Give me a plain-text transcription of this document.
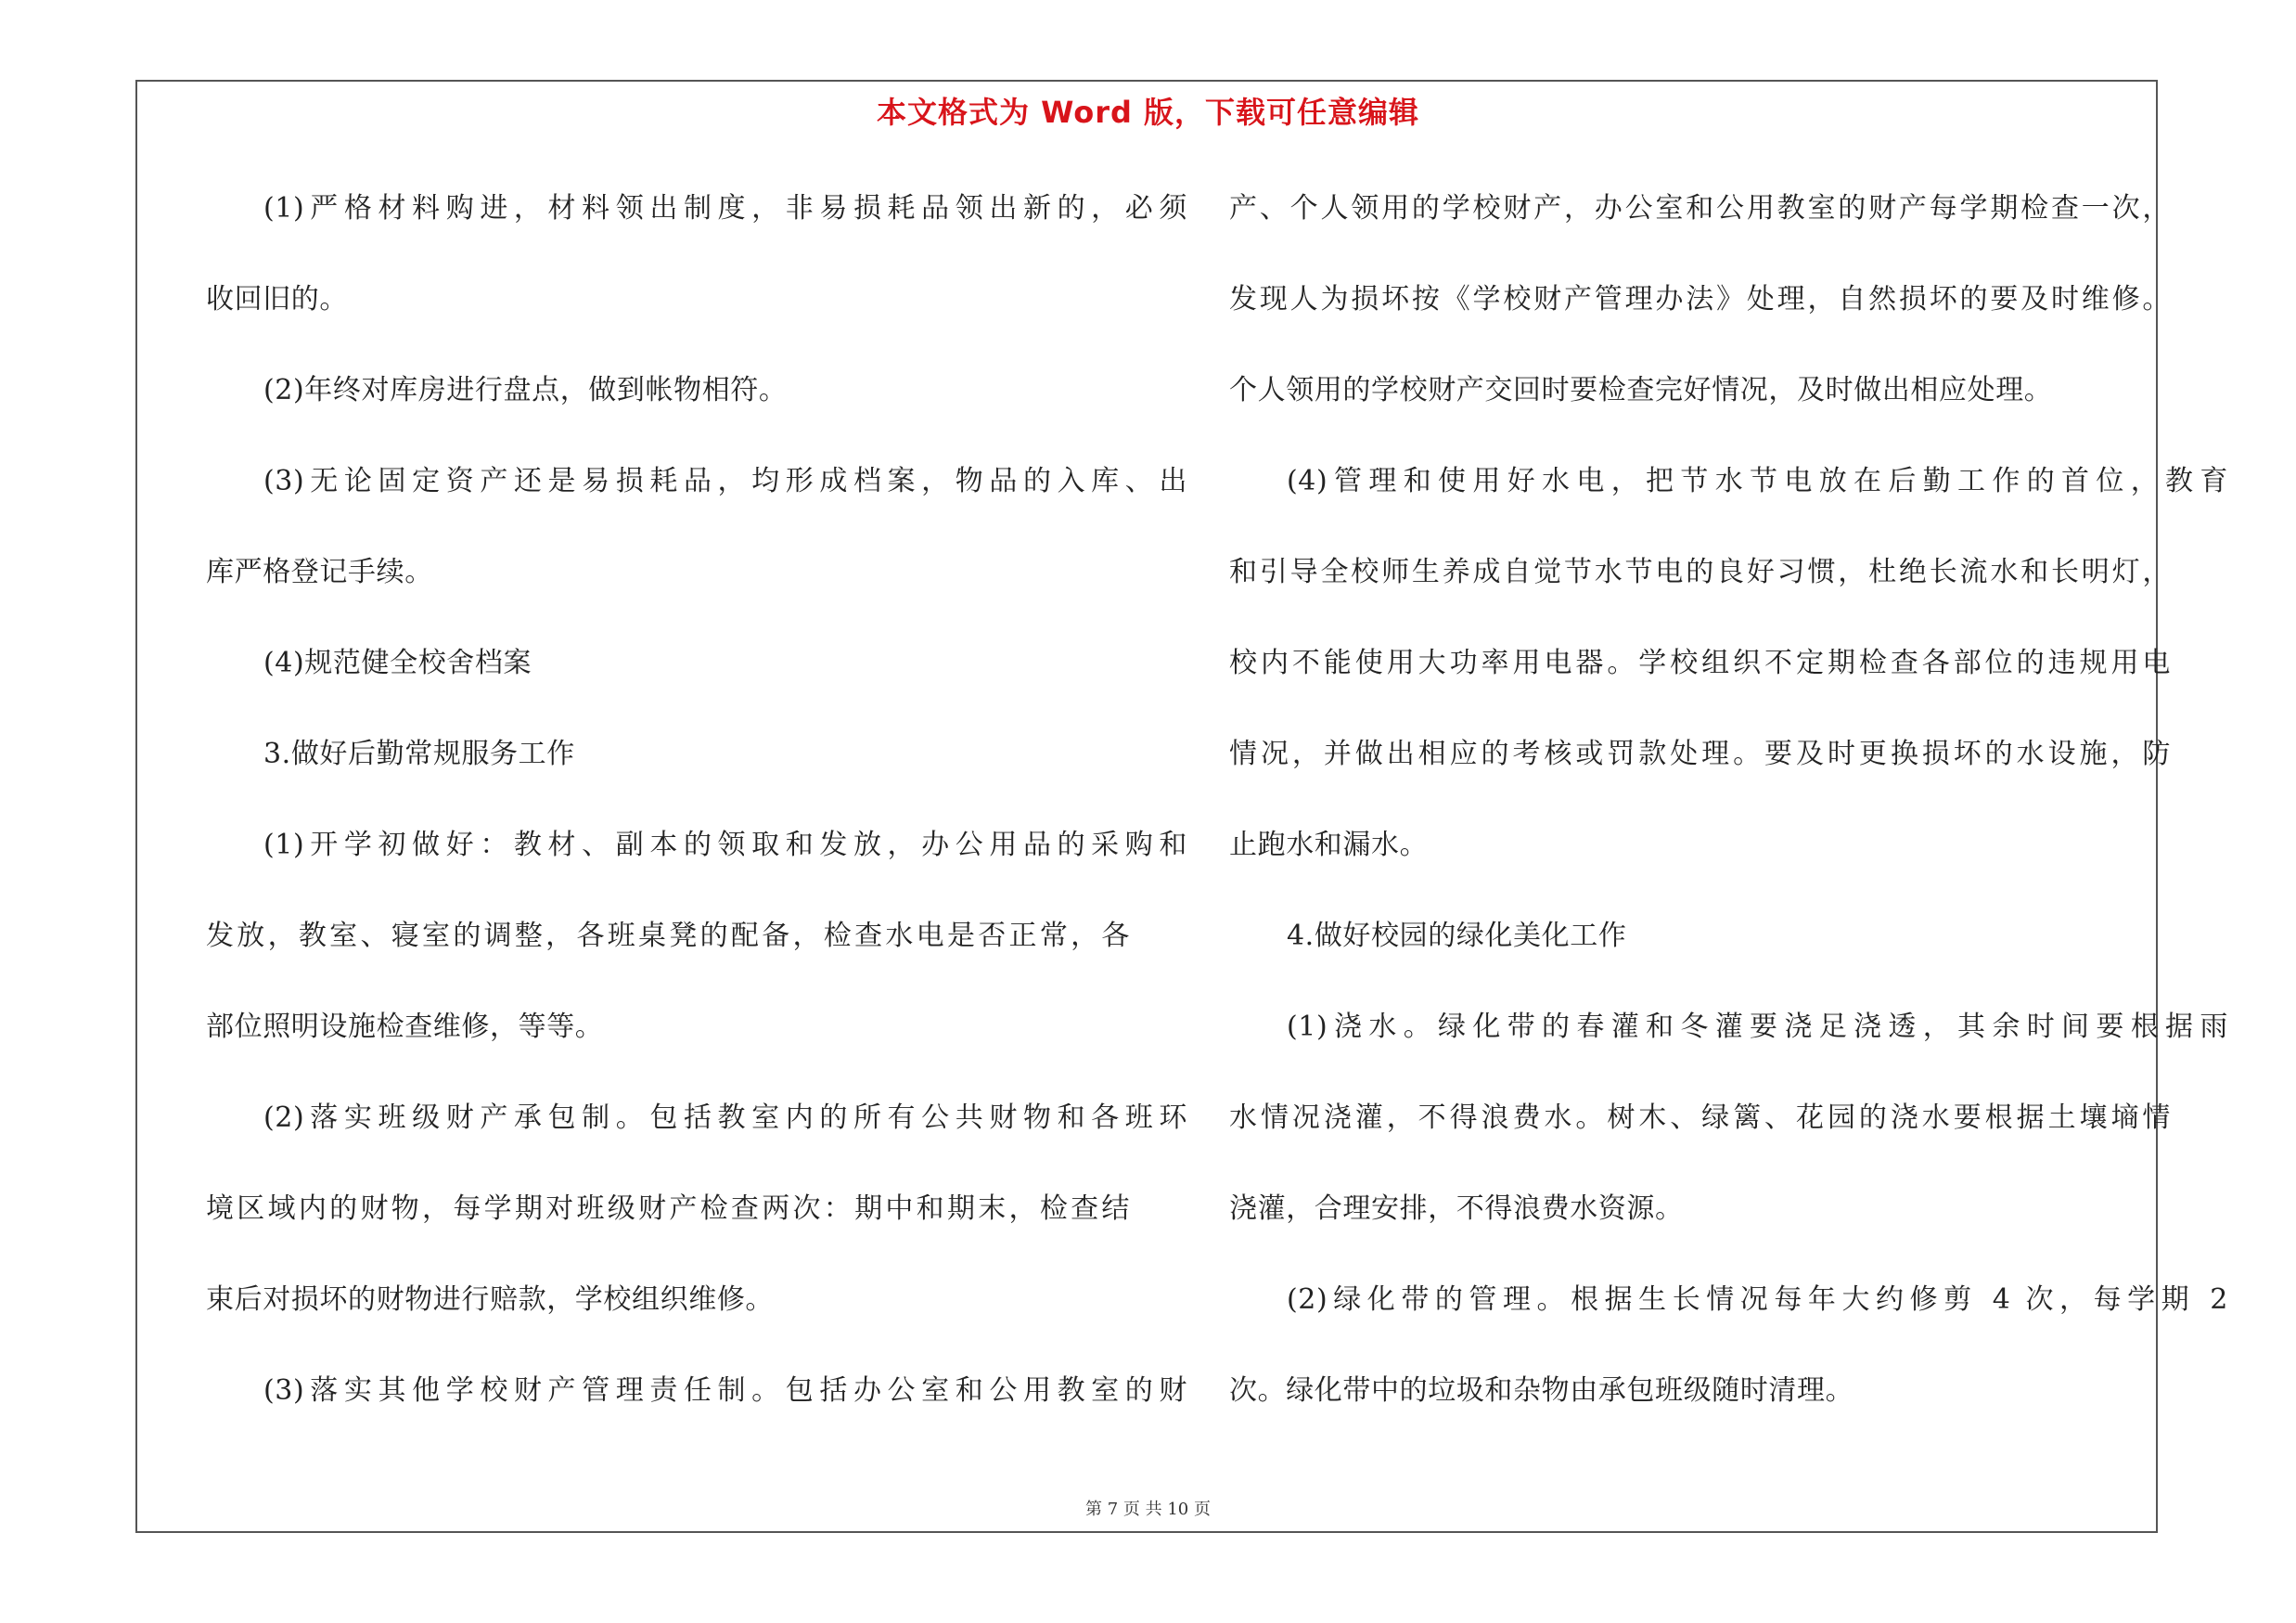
本文格式为 Word 版，下载可任意编辑
(1)严格材料购进，材料领出制度，非易损耗品领出新的，必须
收回旧的。
(2)年终对库房进行盘点，做到帐物相符。
(3)无论固定资产还是易损耗品，均形成档案，物品的入库、出
库严格登记手续。
(4)规范健全校舍档案
3.做好后勤常规服务工作
(1)开学初做好：教材、副本的领取和发放，办公用品的采购和
发放，教室、寝室的调整，各班桌凳的配备，检查水电是否正常，各
部位照明设施检查维修，等等。
(2)落实班级财产承包制。包括教室内的所有公共财物和各班环
境区域内的财物，每学期对班级财产检查两次：期中和期末，检查结
束后对损坏的财物进行赔款，学校组织维修。
(3)落实其他学校财产管理责任制。包括办公室和公用教室的财
产、个人领用的学校财产，办公室和公用教室的财产每学期检查一次，
发现人为损坏按《学校财产管理办法》处理，自然损坏的要及时维修。
个人领用的学校财产交回时要检查完好情况，及时做出相应处理。
(4)管理和使用好水电，把节水节电放在后勤工作的首位，教育
和引导全校师生养成自觉节水节电的良好习惯，杜绝长流水和长明灯，
校内不能使用大功率用电器。学校组织不定期检查各部位的违规用电
情况，并做出相应的考核或罚款处理。要及时更换损坏的水设施，防
止跑水和漏水。
4.做好校园的绿化美化工作
(1)浇水。绿化带的春灌和冬灌要浇足浇透，其余时间要根据雨
水情况浇灌，不得浪费水。树木、绿篱、花园的浇水要根据土壤墒情
浇灌，合理安排，不得浪费水资源。
(2)绿化带的管理。根据生长情况每年大约修剪 4 次，每学期 2
次。绿化带中的垃圾和杂物由承包班级随时清理。
第 7 页 共 10 页
